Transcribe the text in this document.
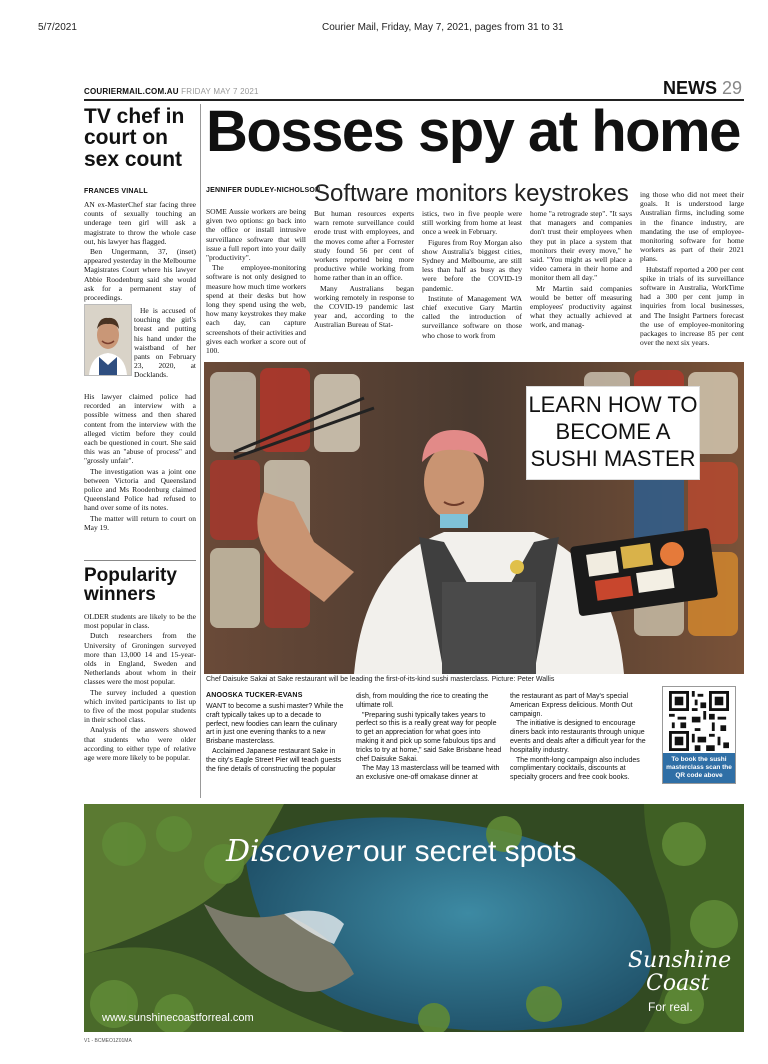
5/7/2021	Courier Mail, Friday, May 7, 2021, pages from 31 to 31
COURIERMAIL.COM.AU FRIDAY MAY 7 2021	NEWS 29
TV chef in court on sex count
FRANCES VINALL

AN ex-MasterChef star facing three counts of sexually touching an underage teen girl will ask a magistrate to throw the whole case out, his lawyer has flagged.

Ben Ungermann, 37, (inset) appeared yesterday in the Melbourne Magistrates Court where his lawyer Abbie Roodenburg said she would ask for a permanent stay of proceedings.

He is accused of touching the girl's breast and putting his hand under the waistband of her pants on February 23, 2020, at Docklands.

His lawyer claimed police had recorded an interview with a possible witness and then shared content from the interview with the alleged victim before they could each be questioned in court. She said this was an "abuse of process" and "grossly unfair".

The investigation was a joint one between Victoria and Queensland police and Ms Roodenburg claimed Queensland Police had refused to hand over some of its notes.

The matter will return to court on May 19.

Popularity winners

OLDER students are likely to be the most popular in class.

Dutch researchers from the University of Groningen surveyed more than 13,000 14 and 15-year-olds in England, Sweden and Netherlands about whom in their classes were the most popular.

The survey included a question which invited participants to list up to five of the most popular students in their school class.

Analysis of the answers showed that students who were older according to either type of relative age were more likely to be popular.

Bosses spy at home
JENNIFER DUDLEY-NICHOLSON
Software monitors keystrokes

SOME Aussie workers are being given two options: go back into the office or install intrusive surveillance software that will issue a full report into your daily "productivity".

The employee-monitoring software is not only designed to measure how much time workers spend at their desks but how long they spend using the web, how many keystrokes they make each day, can capture screenshots of their activities and gives each worker a score out of 100.

But human resources experts warn remote surveillance could erode trust with employees, and the moves come after a Forrester study found 56 per cent of workers reported being more productive while working from home rather than in an office.

Many Australians began working remotely in response to the COVID-19 pandemic last year and, according to the Australian Bureau of Stat-

istics, two in five people were still working from home at least once a week in February.

Figures from Roy Morgan also show Australia's biggest cities, Sydney and Melbourne, are still less than half as busy as they were before the COVID-19 pandemic.

Institute of Management WA chief executive Gary Martin called the introduction of surveillance software on those who chose to work from

home "a retrograde step". "It says that managers and companies don't trust their employees when they put in place a system that monitors their every move," he said. "You might as well place a video camera in their home and monitor them all day."

Mr Martin said companies would be better off measuring employees' productivity against what they actually achieved at work, and manag-

ing those who did not meet their goals. It is understood large Australian firms, including some in the finance industry, are mandating the use of employee-monitoring software for home workers as part of their 2021 plans.

Hubstaff reported a 200 per cent spike in trials of its surveillance software in Australia, WorkTime had a 300 per cent jump in inquiries from local businesses, and The Insight Partners forecast the use of employee-monitoring packages to increase 85 per cent over the next six years.

LEARN HOW TO
BECOME A
SUSHI MASTER
Chef Daisuke Sakai at Sake restaurant will be leading the first-of-its-kind sushi masterclass. Picture: Peter Wallis
ANOOSKA TUCKER-EVANS

WANT to become a sushi master? While the craft typically takes up to a decade to perfect, new foodies can learn the culinary art in just one evening thanks to a new Brisbane masterclass.

Acclaimed Japanese restaurant Sake in the city's Eagle Street Pier will teach guests the fine details of constructing the popular

dish, from moulding the rice to creating the ultimate roll.

"Preparing sushi typically takes years to perfect so this is a really great way for people to get an appreciation for what goes into making it and pick up some fabulous tips and tricks to try at home," said Sake Brisbane head chef Daisuke Sakai.

The May 13 masterclass will be teamed with an exclusive one-off omakase dinner at

the restaurant as part of May's special American Express delicious. Month Out campaign.

The initiative is designed to encourage diners back into restaurants through unique events and deals after a difficult year for the hospitality industry.

The month-long campaign also includes complimentary cocktails, discounts at specialty grocers and free cook books.

To book the sushi masterclass scan the QR code above
Discover our secret spots
www.sunshinecoastforreal.com
Sunshine
Coast
For real.
V1 - BCMEO1Z01MA
